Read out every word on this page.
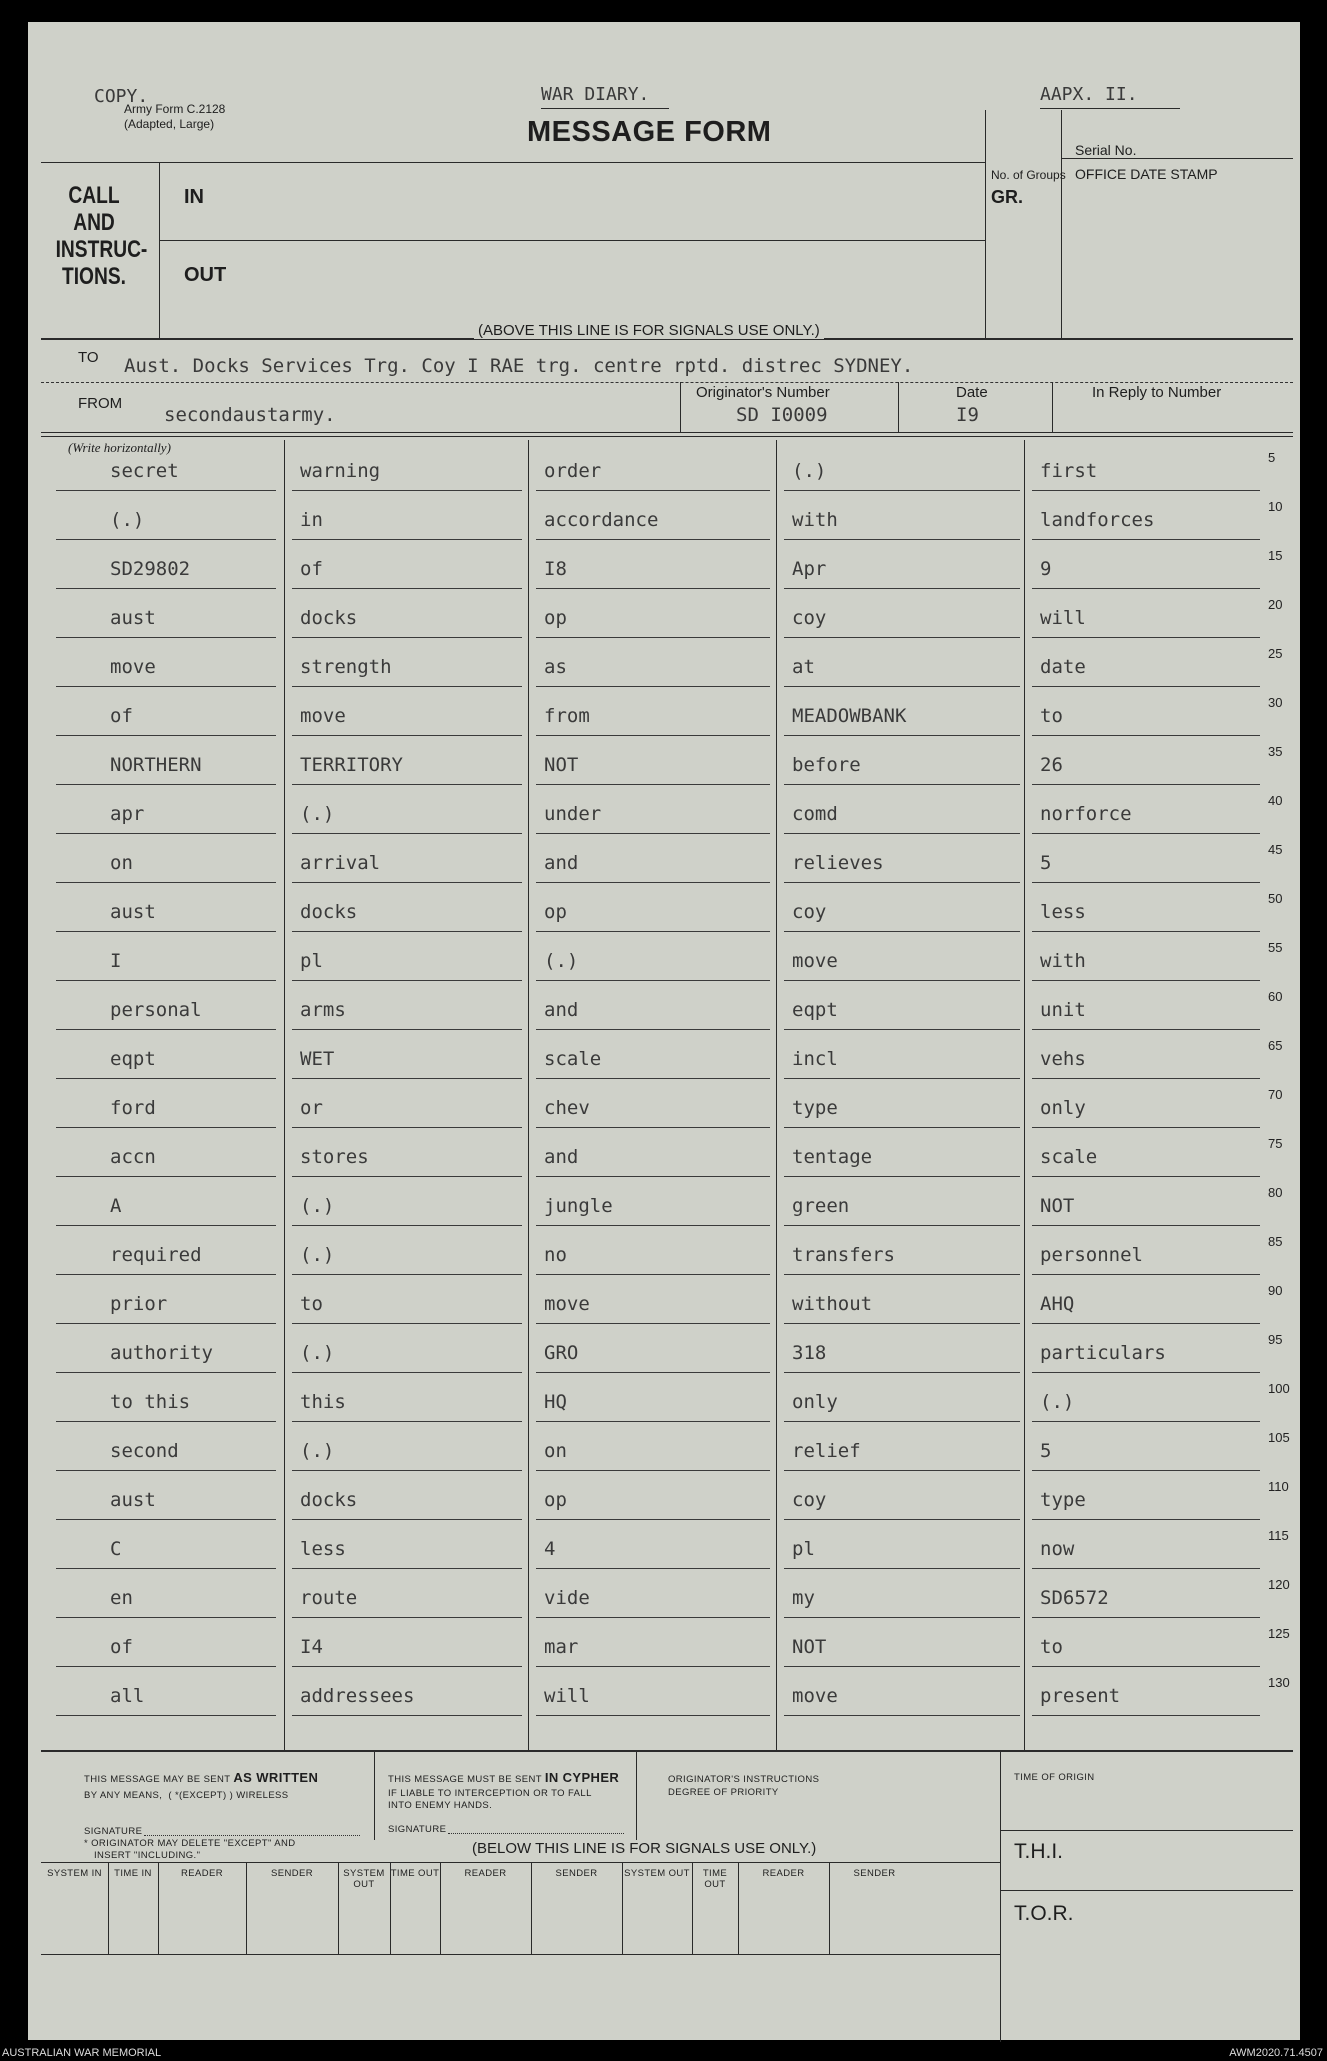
COPY.
Army Form C.2128
(Adapted, Large)
WAR DIARY.	AAPX. II.
MESSAGE FORM
Serial No.
OFFICE DATE STAMP
No. of Groups
GR.
CALL
AND
INSTRUC-
TIONS.
IN
OUT
(ABOVE THIS LINE IS FOR SIGNALS USE ONLY.)
TO Aust. Docks Services Trg. Coy I RAE trg. centre rptd. distrec SYDNEY.
FROM
secondaustarmy.
Originator's Number
SD I0009
Date
I9
In Reply to Number
(Write horizontally)
secret	warning	order	(.)	first
5
(.)	in	accordance	with	landforces
10
SD29802	of	I8	Apr	9
15
aust	docks	op	coy	will
20
move	strength	as	at	date
25
of	move	from	MEADOWBANK	to
30
NORTHERN	TERRITORY	NOT	before	26
35
apr	(.)	under	comd	norforce
40
on	arrival	and	relieves	5
45
aust	docks	op	coy	less
50
I	pl	(.)	move	with
55
personal	arms	and	eqpt	unit
60
eqpt	WET	scale	incl	vehs
65
ford	or	chev	type	only
70
accn	stores	and	tentage	scale
75
A	(.)	jungle	green	NOT
80
required	(.)	no	transfers	personnel
85
prior	to	move	without	AHQ
90
authority	(.)	GRO	318	particulars
95
to this	this	HQ	only	(.)
100
second	(.)	on	relief	5
105
aust	docks	op	coy	type
110
C	less	4	pl	now
115
en	route	vide	my	SD6572
120
of	I4	mar	NOT	to
125
all	addressees	will	move	present
130
THIS MESSAGE MAY BE SENT AS WRITTEN
BY ANY MEANS,  ( *(EXCEPT) ) WIRELESS
SIGNATURE
* ORIGINATOR MAY DELETE "EXCEPT" AND
INSERT "INCLUDING."
THIS MESSAGE MUST BE SENT IN CYPHER
IF LIABLE TO INTERCEPTION OR TO FALL
INTO ENEMY HANDS.
SIGNATURE
ORIGINATOR'S INSTRUCTIONS
DEGREE OF PRIORITY
TIME OF ORIGIN
T.H.I.
T.O.R.
(BELOW THIS LINE IS FOR SIGNALS USE ONLY.)
SYSTEM IN	TIME IN	READER	SENDER	SYSTEM OUT
TIME OUT	READER	SENDER	SYSTEM OUT	TIME OUT
READER	SENDER
AUSTRALIAN WAR MEMORIAL	AWM2020.71.4507
